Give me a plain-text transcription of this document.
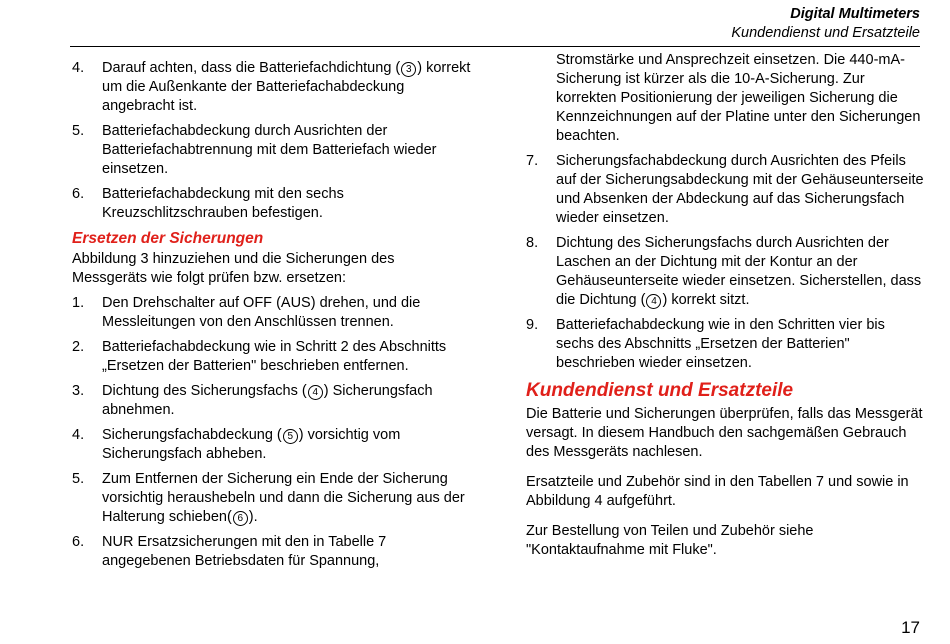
Digital Multimeters
Kundendienst und Ersatzteile
4. Darauf achten, dass die Batteriefachdichtung ( 3 ) korrekt um die Außenkante der Batteriefachabdeckung angebracht ist.
5. Batteriefachabdeckung durch Ausrichten der Batteriefachabtrennung mit dem Batteriefach wieder einsetzen.
6. Batteriefachabdeckung mit den sechs Kreuzschlitzschrauben befestigen.
Ersetzen der Sicherungen
Abbildung 3 hinzuziehen und die Sicherungen des Messgeräts wie folgt prüfen bzw. ersetzen:
1. Den Drehschalter auf OFF (AUS) drehen, und die Messleitungen von den Anschlüssen trennen.
2. Batteriefachabdeckung wie in Schritt 2 des Abschnitts „Ersetzen der Batterien" beschrieben entfernen.
3. Dichtung des Sicherungsfachs ( 4 ) Sicherungsfach abnehmen.
4. Sicherungsfachabdeckung ( 5 ) vorsichtig vom Sicherungsfach abheben.
5. Zum Entfernen der Sicherung ein Ende der Sicherung vorsichtig heraushebeln und dann die Sicherung aus der Halterung schieben( 6 ).
6. NUR Ersatzsicherungen mit den in Tabelle 7 angegebenen Betriebsdaten für Spannung,
Stromstärke und Ansprechzeit einsetzen. Die 440-mA-Sicherung ist kürzer als die 10-A-Sicherung. Zur korrekten Positionierung der jeweiligen Sicherung die Kennzeichnungen auf der Platine unter den Sicherungen beachten.
7. Sicherungsfachabdeckung durch Ausrichten des Pfeils auf der Sicherungsabdeckung mit der Gehäuseunterseite und Absenken der Abdeckung auf das Sicherungsfach wieder einsetzen.
8. Dichtung des Sicherungsfachs durch Ausrichten der Laschen an der Dichtung mit der Kontur an der Gehäuseunterseite wieder einsetzen. Sicherstellen, dass die Dichtung ( 4 ) korrekt sitzt.
9. Batteriefachabdeckung wie in den Schritten vier bis sechs des Abschnitts „Ersetzen der Batterien" beschrieben wieder einsetzen.
Kundendienst und Ersatzteile
Die Batterie und Sicherungen überprüfen, falls das Messgerät versagt. In diesem Handbuch den sachgemäßen Gebrauch des Messgeräts nachlesen.
Ersatzteile und Zubehör sind in den Tabellen 7 und sowie in Abbildung 4 aufgeführt.
Zur Bestellung von Teilen und Zubehör siehe "Kontaktaufnahme mit Fluke".
17
